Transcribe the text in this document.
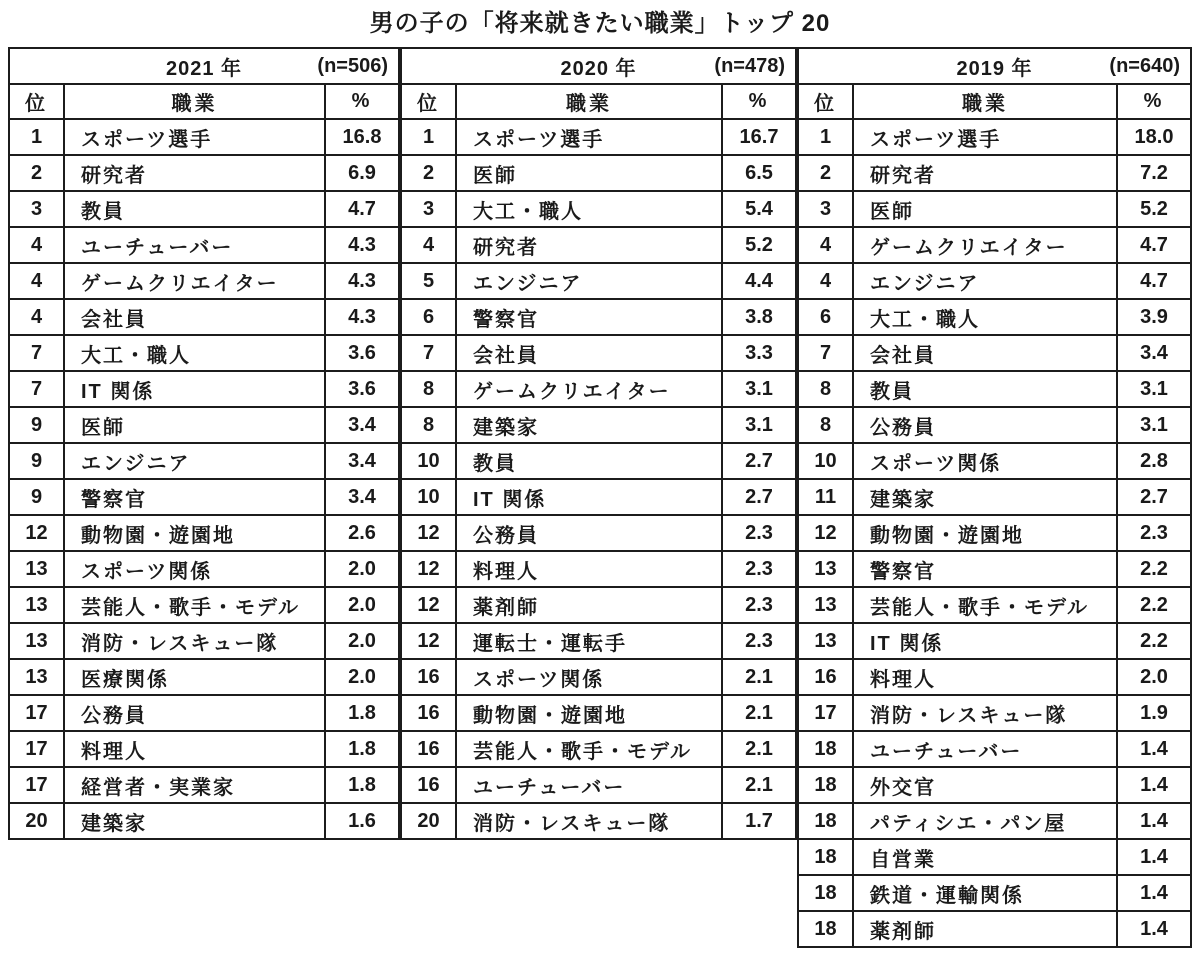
男の子の「将来就きたい職業」トップ 20
2021 年 (n=506)		

位	職業	%
1	スポーツ選手	16.8
2	研究者	6.9
3	教員	4.7
4	ユーチューバー	4.3
4	ゲームクリエイター	4.3
4	会社員	4.3
7	大工・職人	3.6
7	IT 関係	3.6
9	医師	3.4
9	エンジニア	3.4
9	警察官	3.4
12	動物園・遊園地	2.6
13	スポーツ関係	2.0
13	芸能人・歌手・モデル	2.0
13	消防・レスキュー隊	2.0
13	医療関係	2.0
17	公務員	1.8
17	料理人	1.8
17	経営者・実業家	1.8
20	建築家	1.6
2020 年 (n=478)		

位	職業	%
1	スポーツ選手	16.7
2	医師	6.5
3	大工・職人	5.4
4	研究者	5.2
5	エンジニア	4.4
6	警察官	3.8
7	会社員	3.3
8	ゲームクリエイター	3.1
8	建築家	3.1
10	教員	2.7
10	IT 関係	2.7
12	公務員	2.3
12	料理人	2.3
12	薬剤師	2.3
12	運転士・運転手	2.3
16	スポーツ関係	2.1
16	動物園・遊園地	2.1
16	芸能人・歌手・モデル	2.1
16	ユーチューバー	2.1
20	消防・レスキュー隊	1.7
2019 年 (n=640)		

位	職業	%
1	スポーツ選手	18.0
2	研究者	7.2
3	医師	5.2
4	ゲームクリエイター	4.7
4	エンジニア	4.7
6	大工・職人	3.9
7	会社員	3.4
8	教員	3.1
8	公務員	3.1
10	スポーツ関係	2.8
11	建築家	2.7
12	動物園・遊園地	2.3
13	警察官	2.2
13	芸能人・歌手・モデル	2.2
13	IT 関係	2.2
16	料理人	2.0
17	消防・レスキュー隊	1.9
18	ユーチューバー	1.4
18	外交官	1.4
18	パティシエ・パン屋	1.4
18	自営業	1.4
18	鉄道・運輸関係	1.4
18	薬剤師	1.4
